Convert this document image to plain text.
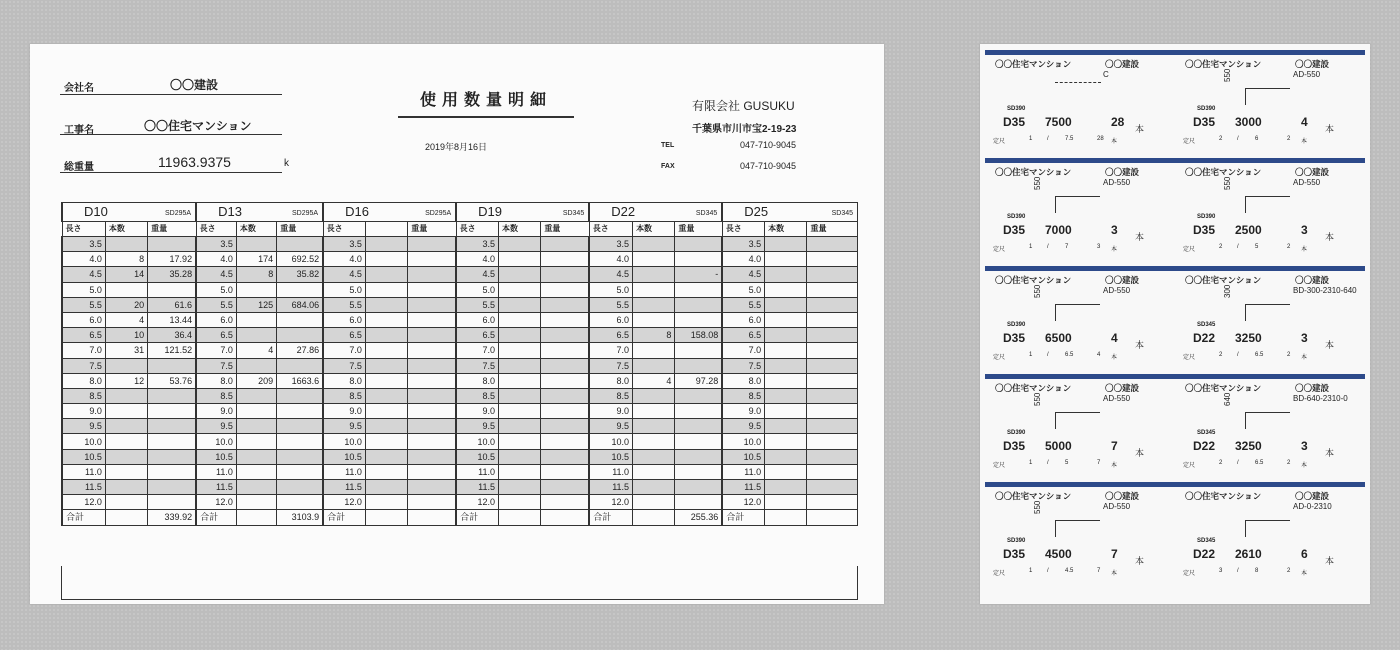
会社名	〇〇建設
工事名	〇〇住宅マンション
総重量	11963.9375	k
使用数量明細
2019年8月16日
有限会社 GUSUKU
千葉県市川市宝2-19-23
TEL	047-710-9045
FAX	047-710-9045
D10 SD295A			D13 SD295A			D16 SD295A			D19 SD345			D22 SD345			D25 SD345		

長さ	本数	重量	長さ	本数	重量	長さ		重量	長さ	本数	重量	長さ	本数	重量	長さ	本数	重量
3.5			3.5			3.5			3.5			3.5			3.5		
4.0	8	17.92	4.0	174	692.52	4.0			4.0			4.0			4.0		
4.5	14	35.28	4.5	8	35.82	4.5			4.5			4.5		-	4.5		
5.0			5.0			5.0			5.0			5.0			5.0		
5.5	20	61.6	5.5	125	684.06	5.5			5.5			5.5			5.5		
6.0	4	13.44	6.0			6.0			6.0			6.0			6.0		
6.5	10	36.4	6.5			6.5			6.5			6.5	8	158.08	6.5		
7.0	31	121.52	7.0	4	27.86	7.0			7.0			7.0			7.0		
7.5			7.5			7.5			7.5			7.5			7.5		
8.0	12	53.76	8.0	209	1663.6	8.0			8.0			8.0	4	97.28	8.0		
8.5			8.5			8.5			8.5			8.5			8.5		
9.0			9.0			9.0			9.0			9.0			9.0		
9.5			9.5			9.5			9.5			9.5			9.5		
10.0			10.0			10.0			10.0			10.0			10.0		
10.5			10.5			10.5			10.5			10.5			10.5		
11.0			11.0			11.0			11.0			11.0			11.0		
11.5			11.5			11.5			11.5			11.5			11.5		
12.0			12.0			12.0			12.0			12.0			12.0		
合計		339.92	合計		3103.9	合計			合計			合計		255.36	合計		
〇〇住宅マンション	〇〇建設
C
SD390
D35 7500	28 本
定尺	1 /	7.5	28 本
〇〇住宅マンション	〇〇建設
AD-550
550
SD390
D35 3000	4 本
定尺	2 /	6	2 本
〇〇住宅マンション	〇〇建設
AD-550
550
SD390
D35 7000	3 本
定尺	1 /	7	3 本
〇〇住宅マンション	〇〇建設
AD-550
550
SD390
D35 2500	3 本
定尺	2 /	5	2 本
〇〇住宅マンション	〇〇建設
AD-550
550
SD390
D35 6500	4 本
定尺	1 /	6.5	4 本
〇〇住宅マンション	〇〇建設
BD-300-2310-640
300
SD345
D22 3250	3 本
定尺	2 /	6.5	2 本
〇〇住宅マンション	〇〇建設
AD-550
550
SD390
D35 5000	7 本
定尺	1 /	5	7 本
〇〇住宅マンション	〇〇建設
BD-640-2310-0
640
SD345
D22 3250	3 本
定尺	2 /	6.5	2 本
〇〇住宅マンション	〇〇建設
AD-550
550
SD390
D35 4500	7 本
定尺	1 /	4.5	7 本
〇〇住宅マンション	〇〇建設
AD-0-2310
SD345
D22 2610	6 本
定尺	3 /	8	2 本
